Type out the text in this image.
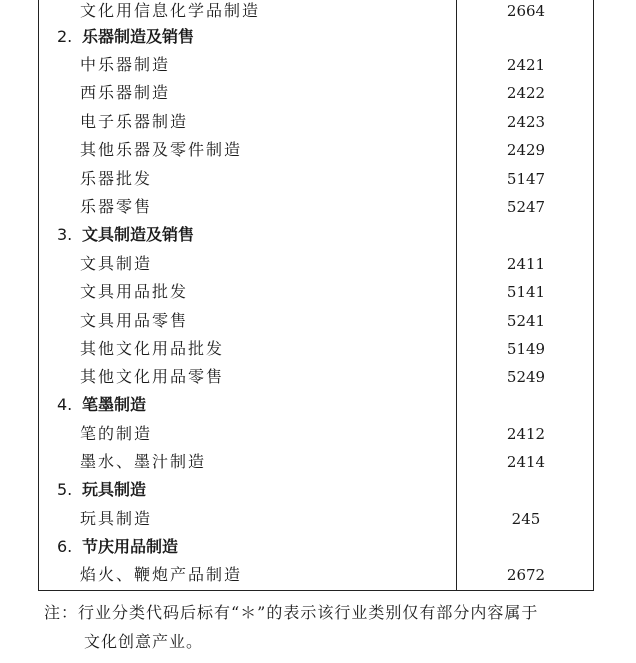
文化用信息化学品制造	2664
2. 乐器制造及销售
中乐器制造	2421
西乐器制造	2422
电子乐器制造	2423
其他乐器及零件制造	2429
乐器批发	5147
乐器零售	5247
3. 文具制造及销售
文具制造	2411
文具用品批发	5141
文具用品零售	5241
其他文化用品批发	5149
其他文化用品零售	5249
4. 笔墨制造
笔的制造	2412
墨水、墨汁制造	2414
5. 玩具制造
玩具制造	245
6. 节庆用品制造
焰火、鞭炮产品制造	2672
注：行业分类代码后标有“＊”的表示该行业类别仅有部分内容属于
文化创意产业。
